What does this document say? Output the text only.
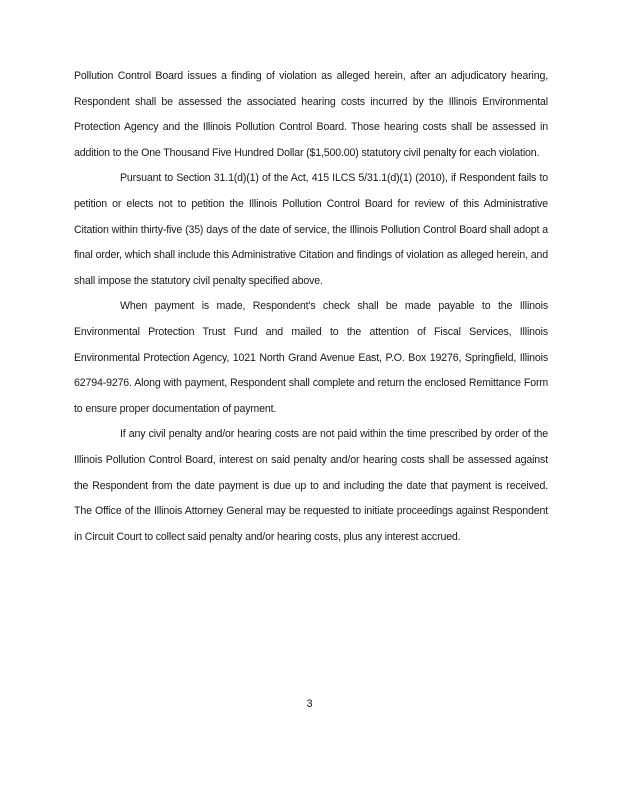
Pollution Control Board issues a finding of violation as alleged herein, after an adjudicatory hearing, Respondent shall be assessed the associated hearing costs incurred by the Illinois Environmental Protection Agency and the Illinois Pollution Control Board. Those hearing costs shall be assessed in addition to the One Thousand Five Hundred Dollar ($1,500.00) statutory civil penalty for each violation.

Pursuant to Section 31.1(d)(1) of the Act, 415 ILCS 5/31.1(d)(1) (2010), if Respondent fails to petition or elects not to petition the Illinois Pollution Control Board for review of this Administrative Citation within thirty-five (35) days of the date of service, the Illinois Pollution Control Board shall adopt a final order, which shall include this Administrative Citation and findings of violation as alleged herein, and shall impose the statutory civil penalty specified above.

When payment is made, Respondent's check shall be made payable to the Illinois Environmental Protection Trust Fund and mailed to the attention of Fiscal Services, Illinois Environmental Protection Agency, 1021 North Grand Avenue East, P.O. Box 19276, Springfield, Illinois 62794-9276. Along with payment, Respondent shall complete and return the enclosed Remittance Form to ensure proper documentation of payment.

If any civil penalty and/or hearing costs are not paid within the time prescribed by order of the Illinois Pollution Control Board, interest on said penalty and/or hearing costs shall be assessed against the Respondent from the date payment is due up to and including the date that payment is received. The Office of the Illinois Attorney General may be requested to initiate proceedings against Respondent in Circuit Court to collect said penalty and/or hearing costs, plus any interest accrued.

3
